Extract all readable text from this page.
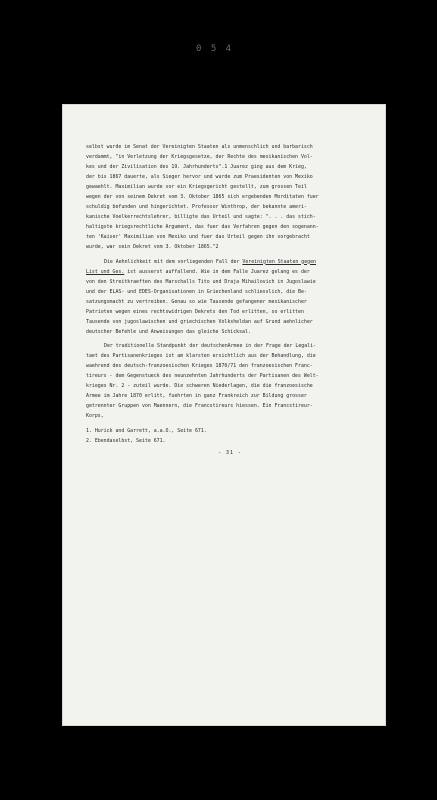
0 5 4
selbst wurde im Senat der Vereinigten Staaten als unmenschlich und barbarisch
verdammt, "in Verletzung der Kriegsgesetze, der Rechte des mexikanischen Vol-
kes und der Zivilisation des 19. Jahrhunderts".1 Juarez ging aus dem Krieg,
der bis 1867 dauerte, als Sieger hervor und wurde zum Praesidenten von Mexiko
gewaehlt. Maximilian wurde vor ein Kriegsgericht gestellt, zum grossen Teil
wegen der von seinem Dekret vom 3. Oktober 1865 sich ergebenden Morditaten fuer
schuldig befunden und hingerichtet. Professor Winthrop, der bekannte ameri-
kanische Voelkerrechtslehrer, billigte das Urteil und sagte: ". . . das stich-
haltigste kriegsrechtliche Argument, das fuer das Verfahren gegen den sogenann-
ten 'Kaiser' Maximilian von Mexiko und fuer das Urteil gegen ihn vorgebracht
wurde, war sein Dekret vom 3. Oktober 1865."2
Die Aehnlichkeit mit dem vorliegenden Fall der Vereinigten Staaten gegen
List und Ges. ist ausserst auffallend. Wie in dem Falle Juarez gelang es der
von den Streitkraeften des Marschalls Tito und Draja Mihailovich in Jugoslawie
und der ELAS- und EDES-Organisationen in Griechenland schliesslich, die Be-
satzungsmacht zu vertreiben. Genau so wie Tausende gefangener mexikanischer
Patrioten wegen eines rechtswidrigen Dekrets den Tod erlitten, so erlitten
Tausende von jugoslawischen und griechischen Volksheldan auf Grund aehnlicher
deutscher Befehle und Anweisungen das gleiche Schicksal.
Der traditionelle Standpunkt der deutschenArmee in der Frage der Legali-
taet des Partisanenkrieges ist am klarsten ersichtlich aus der Behandlung, die
waehrend des deutsch-franzoesischen Krieges 1870/71 den franzoesischen Franc-
tireurs - dem Gegenstueck des neunzehnten Jahrhunderts der Partisanen des Welt-
krieges Nr. 2 - zuteil wurde. Die schweren Niederlagen, die die franzoesische
Armee im Jahre 1870 erlitt, fuehrten in ganz Frankreich zur Bildung grosser
getrennter Gruppen von Maennern, die Francstireurs hiessen. Ein Francstireur-
Korps,
1. Hurick and Garrett, a.a.O., Seite 671.
2. Ebendaselbst, Seite 671.
- 31 -
